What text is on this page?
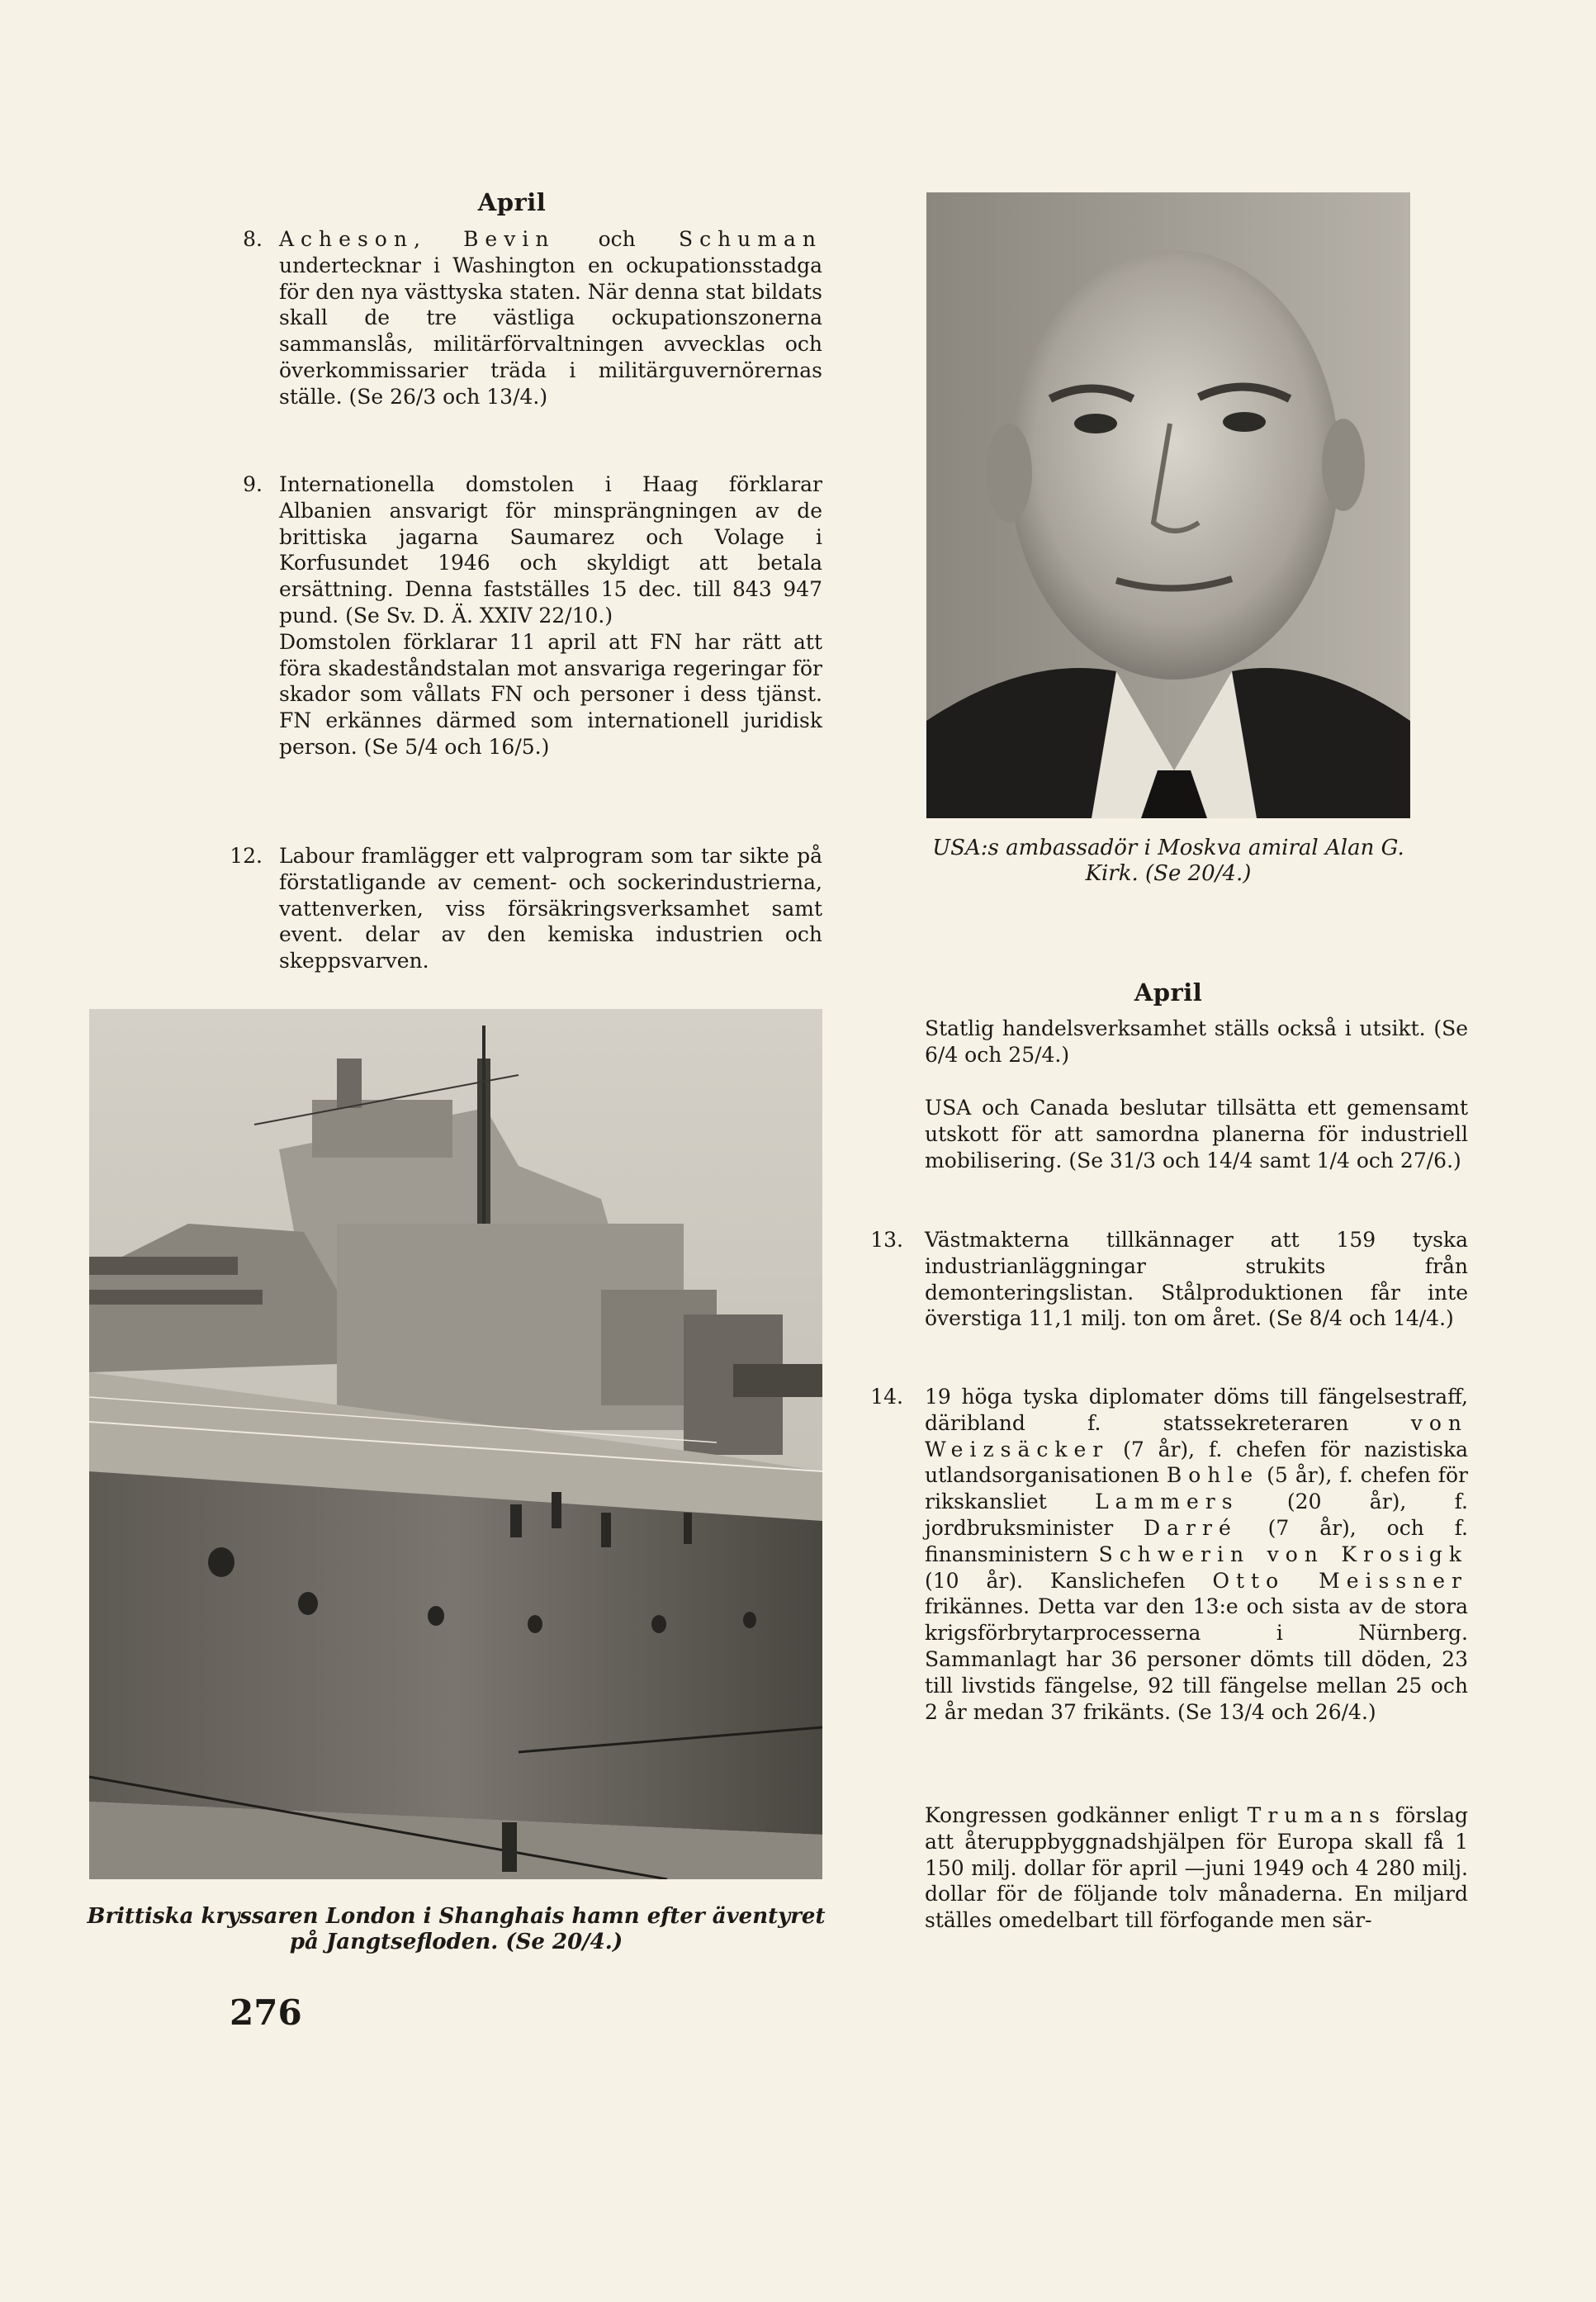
April
8. Acheson, Bevin och Schuman undertecknar i Washington en ockupationsstadga för den nya västtyska staten. När denna stat bildats skall de tre västliga ockupationszonerna sammanslås, militärförvaltningen avvecklas och överkommissarier träda i militärguvernörernas ställe. (Se 26/3 och 13/4.)
9. Internationella domstolen i Haag förklarar Albanien ansvarigt för minsprängningen av de brittiska jagarna Saumarez och Volage i Korfusundet 1946 och skyldigt att betala ersättning. Denna fastställes 15 dec. till 843 947 pund. (Se Sv. D. Ä. XXIV 22/10.)
Domstolen förklarar 11 april att FN har rätt att föra skadeståndstalan mot ansvariga regeringar för skador som vållats FN och personer i dess tjänst. FN erkännes därmed som internationell juridisk person. (Se 5/4 och 16/5.)
12. Labour framlägger ett valprogram som tar sikte på förstatligande av cement- och sockerindustrierna, vattenverken, viss försäkringsverksamhet samt event. delar av den kemiska industrien och skeppsvarven.
Brittiska kryssaren London i Shanghais hamn efter äventyret på Jangtsefloden. (Se 20/4.)
276
USA:s ambassadör i Moskva amiral Alan G. Kirk. (Se 20/4.)
April
Statlig handelsverksamhet ställs också i utsikt. (Se 6/4 och 25/4.)
USA och Canada beslutar tillsätta ett gemensamt utskott för att samordna planerna för industriell mobilisering. (Se 31/3 och 14/4 samt 1/4 och 27/6.)
13. Västmakterna tillkännager att 159 tyska industrianläggningar strukits från demonteringslistan. Stålproduktionen får inte överstiga 11,1 milj. ton om året. (Se 8/4 och 14/4.)
14. 19 höga tyska diplomater döms till fängelsestraff, däribland f. statssekreteraren von Weizsäcker (7 år), f. chefen för nazistiska utlandsorganisationen Bohle (5 år), f. chefen för rikskansliet Lammers (20 år), f. jordbruksminister Darré (7 år), och f. finansministern Schwerin von Krosigk (10 år). Kanslichefen Otto Meissner frikännes. Detta var den 13:e och sista av de stora krigsförbrytarprocesserna i Nürnberg. Sammanlagt har 36 personer dömts till döden, 23 till livstids fängelse, 92 till fängelse mellan 25 och 2 år medan 37 frikänts. (Se 13/4 och 26/4.)
Kongressen godkänner enligt Trumans förslag att återuppbyggnadshjälpen för Europa skall få 1 150 milj. dollar för april —juni 1949 och 4 280 milj. dollar för de följande tolv månaderna. En miljard ställes omedelbart till förfogande men sär-
